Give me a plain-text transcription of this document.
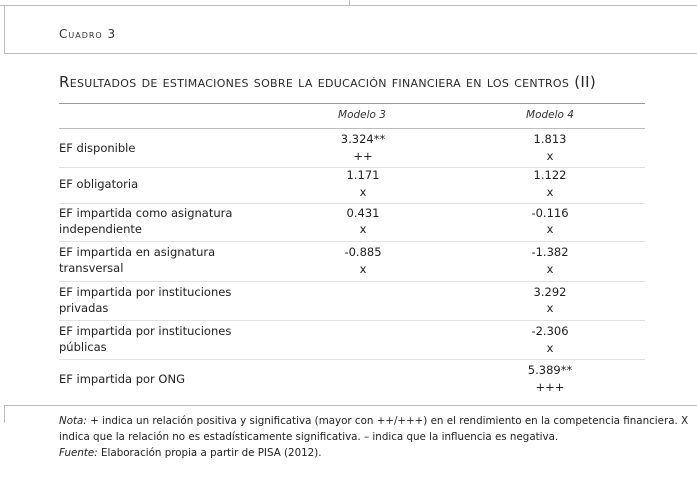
Cuadro 3
Resultados de estimaciones sobre la educación financiera en los centros (II)
Modelo 3	Modelo 4
EF disponible
3.324**
++
1.813
x
EF obligatoria
1.171
x
1.122
x
EF impartida como asignatura independiente
0.431
x
-0.116
x
EF impartida en asignatura transversal
-0.885
x
-1.382
x
EF impartida por instituciones privadas
3.292
x
EF impartida por instituciones públicas
-2.306
x
EF impartida por ONG
5.389**
+++
Nota: + indica un relación positiva y significativa (mayor con ++/+++) en el rendimiento en la competencia financiera. X indica que la relación no es estadísticamente significativa. – indica que la influencia es negativa.
Fuente: Elaboración propia a partir de PISA (2012).
